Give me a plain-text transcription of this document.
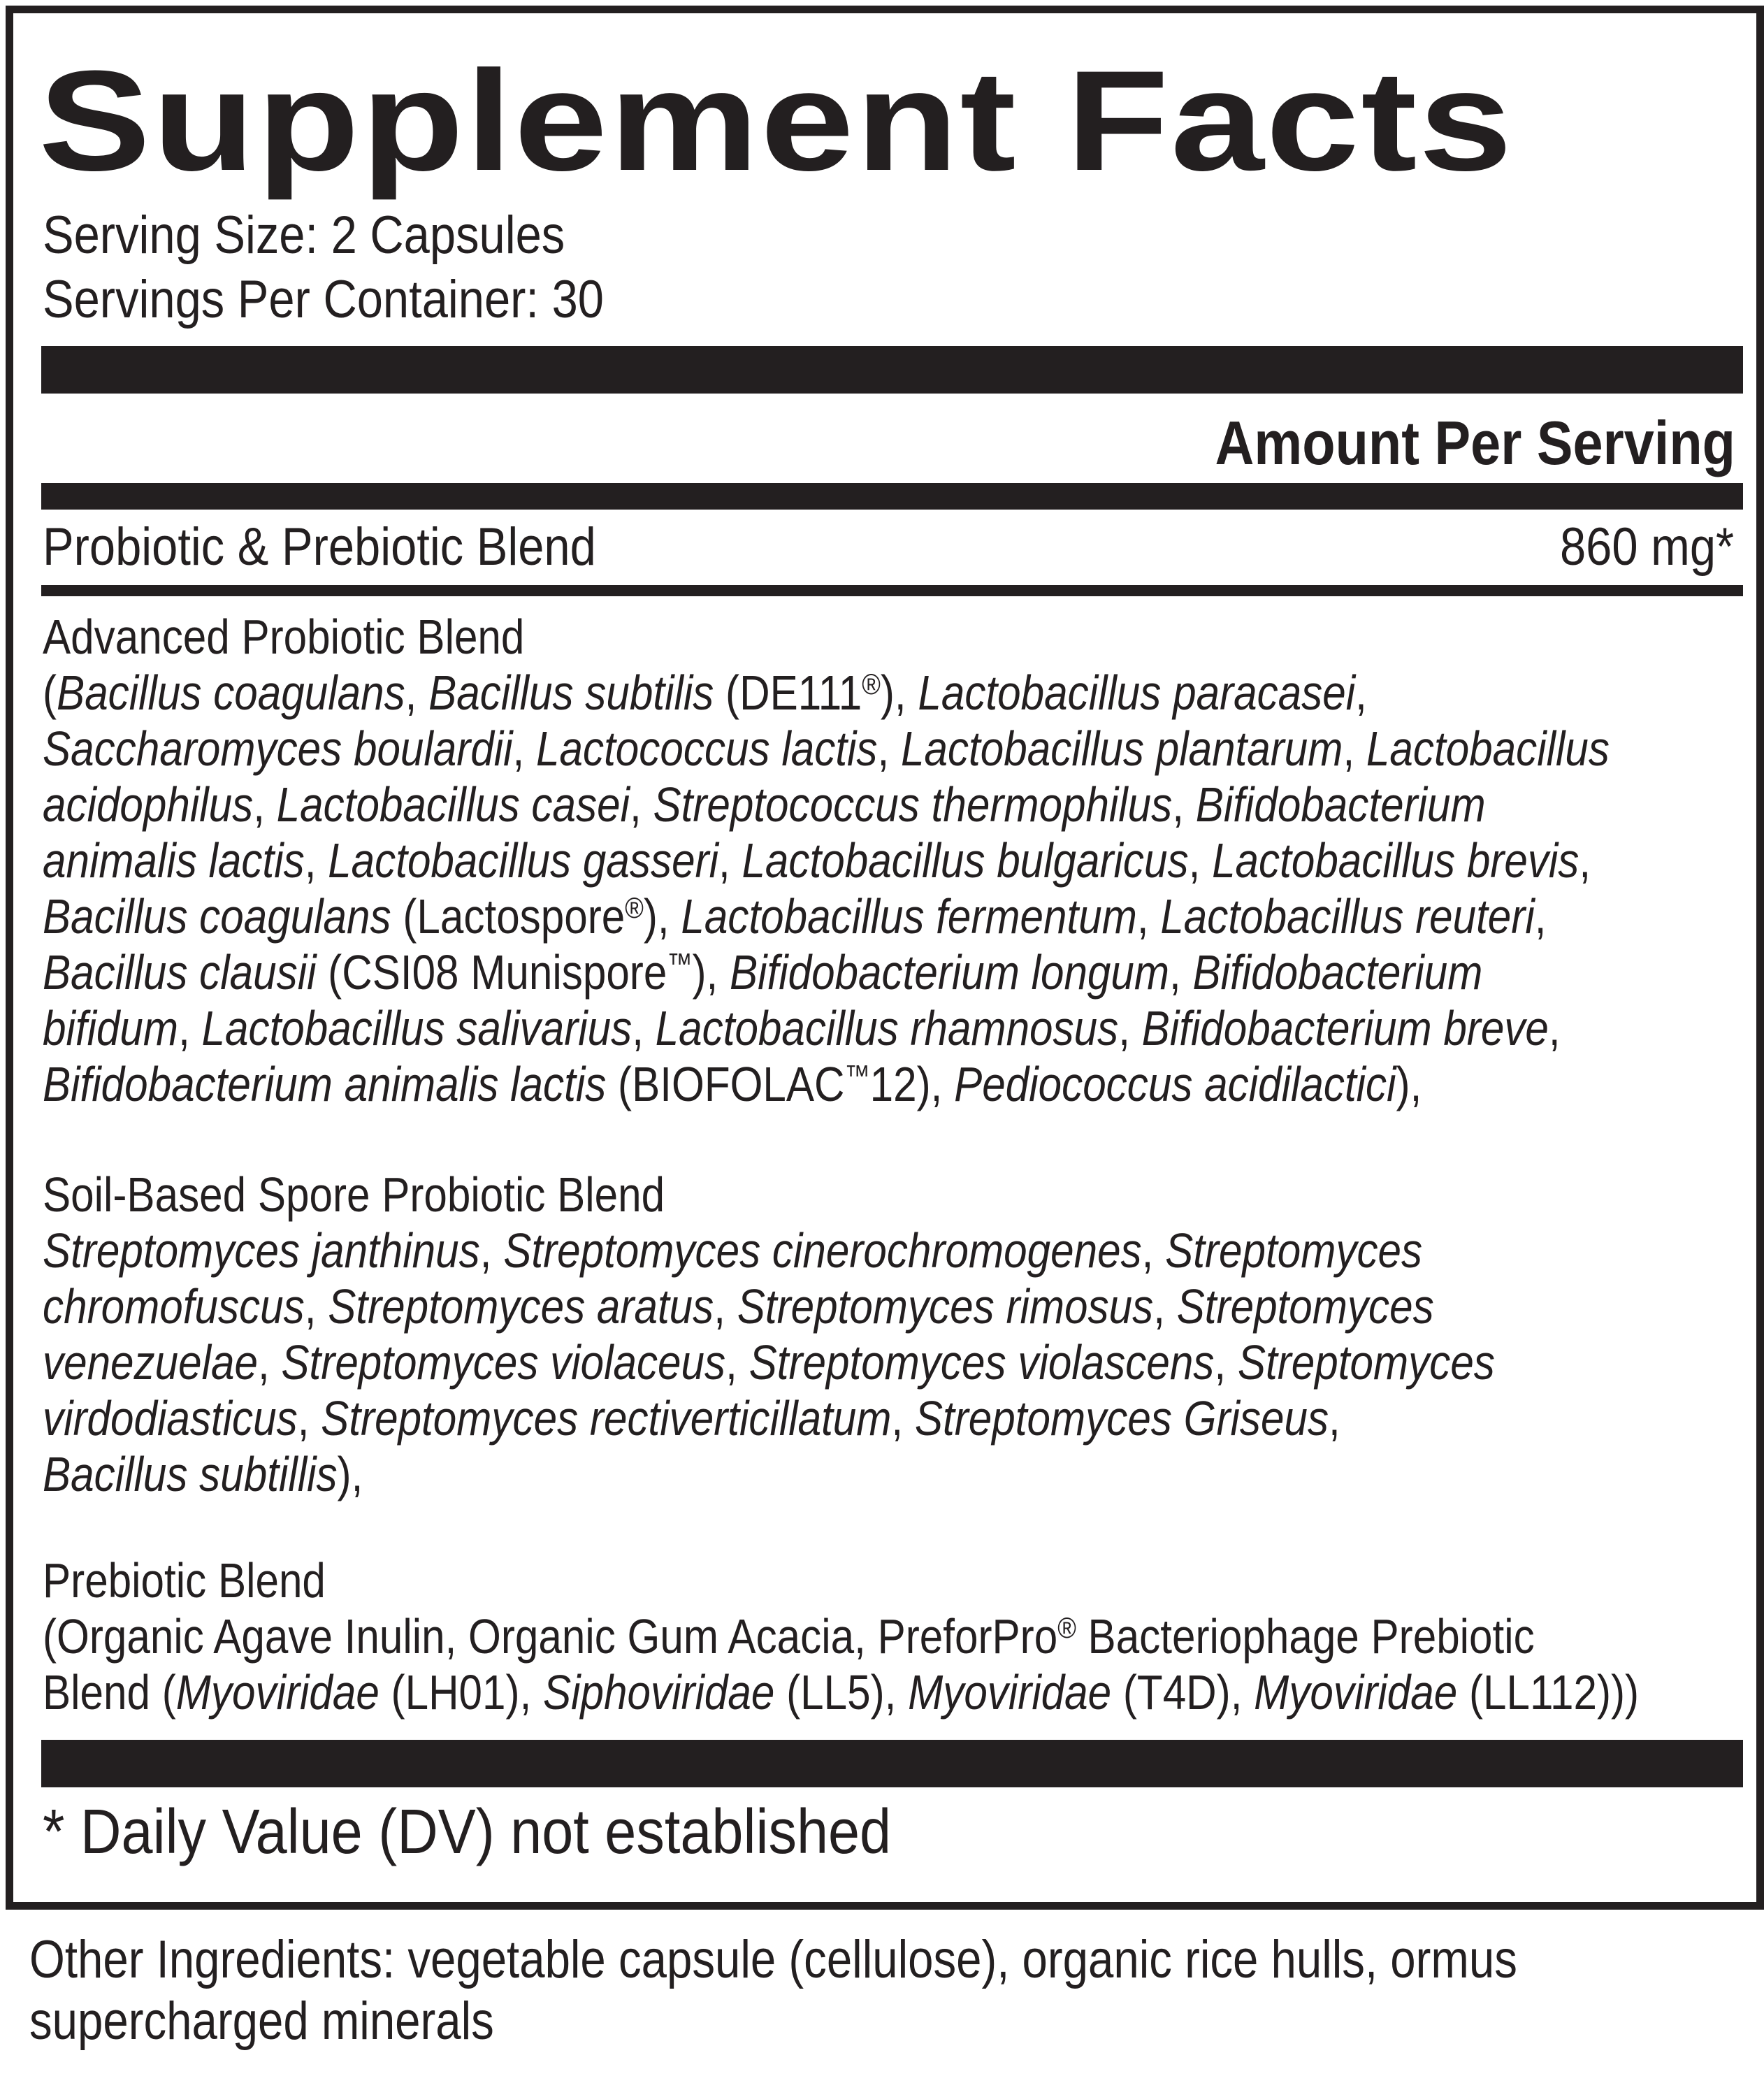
Supplement Facts
Serving Size: 2 Capsules
Servings Per Container: 30
Amount Per Serving
Probiotic & Prebiotic Blend	860 mg*

Advanced Probiotic Blend

(Bacillus coagulans, Bacillus subtilis (DE111®), Lactobacillus paracasei,
Saccharomyces boulardii, Lactococcus lactis, Lactobacillus plantarum, Lactobacillus
acidophilus, Lactobacillus casei, Streptococcus thermophilus, Bifidobacterium
animalis lactis, Lactobacillus gasseri, Lactobacillus bulgaricus, Lactobacillus brevis,
Bacillus coagulans (Lactospore®), Lactobacillus fermentum, Lactobacillus reuteri,
Bacillus clausii (CSI08 Munispore™), Bifidobacterium longum, Bifidobacterium
bifidum, Lactobacillus salivarius, Lactobacillus rhamnosus, Bifidobacterium breve,
Bifidobacterium animalis lactis (BIOFOLAC™12), Pediococcus acidilactici),

Soil-Based Spore Probiotic Blend

Streptomyces janthinus, Streptomyces cinerochromogenes, Streptomyces
chromofuscus, Streptomyces aratus, Streptomyces rimosus, Streptomyces
venezuelae, Streptomyces violaceus, Streptomyces violascens, Streptomyces
virdodiasticus, Streptomyces rectiverticillatum, Streptomyces Griseus,
Bacillus subtillis),

Prebiotic Blend

(Organic Agave Inulin, Organic Gum Acacia, PreforPro® Bacteriophage Prebiotic
Blend (Myoviridae (LH01), Siphoviridae (LL5), Myoviridae (T4D), Myoviridae (LL112)))

* Daily Value (DV) not established
Other Ingredients: vegetable capsule (cellulose), organic rice hulls, ormus supercharged minerals
